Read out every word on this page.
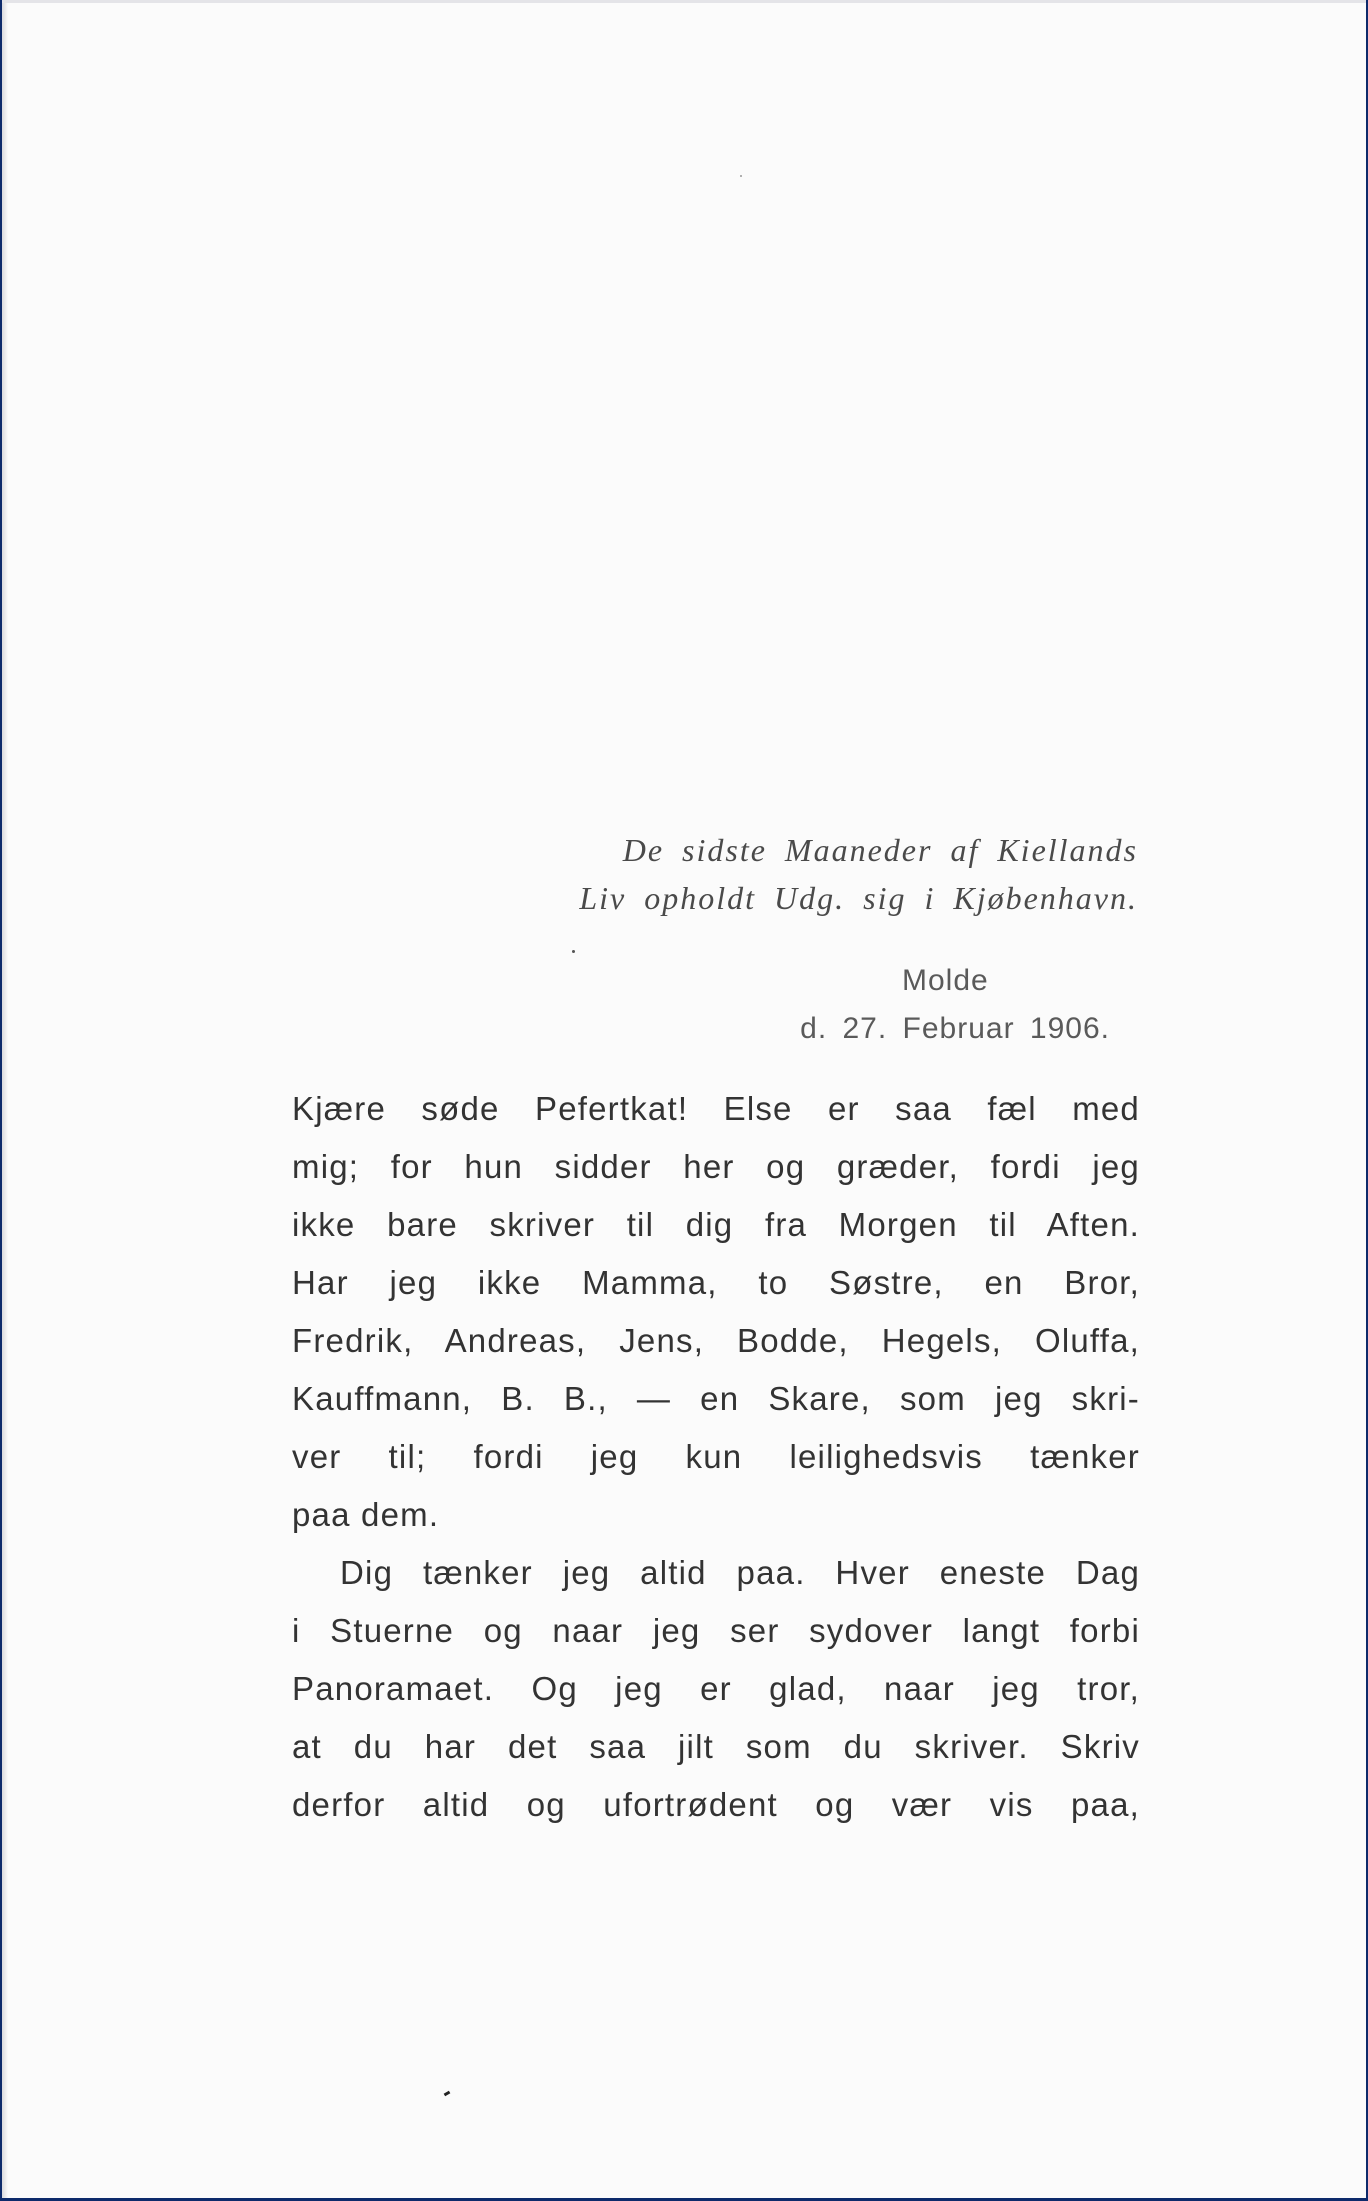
De sidste Maaneder af Kiellands
Liv opholdt Udg. sig i Kjøbenhavn.
Molde
d. 27. Februar 1906.
Kjære søde Pefertkat! Else er saa fæl med
mig; for hun sidder her og græder, fordi jeg
ikke bare skriver til dig fra Morgen til Aften.
Har jeg ikke Mamma, to Søstre, en Bror,
Fredrik, Andreas, Jens, Bodde, Hegels, Oluffa,
Kauffmann, B. B., — en Skare, som jeg skri-
ver til; fordi jeg kun leilighedsvis tænker
paa dem.
Dig tænker jeg altid paa. Hver eneste Dag
i Stuerne og naar jeg ser sydover langt forbi
Panoramaet. Og jeg er glad, naar jeg tror,
at du har det saa jilt som du skriver. Skriv
derfor altid og ufortrødent og vær vis paa,
